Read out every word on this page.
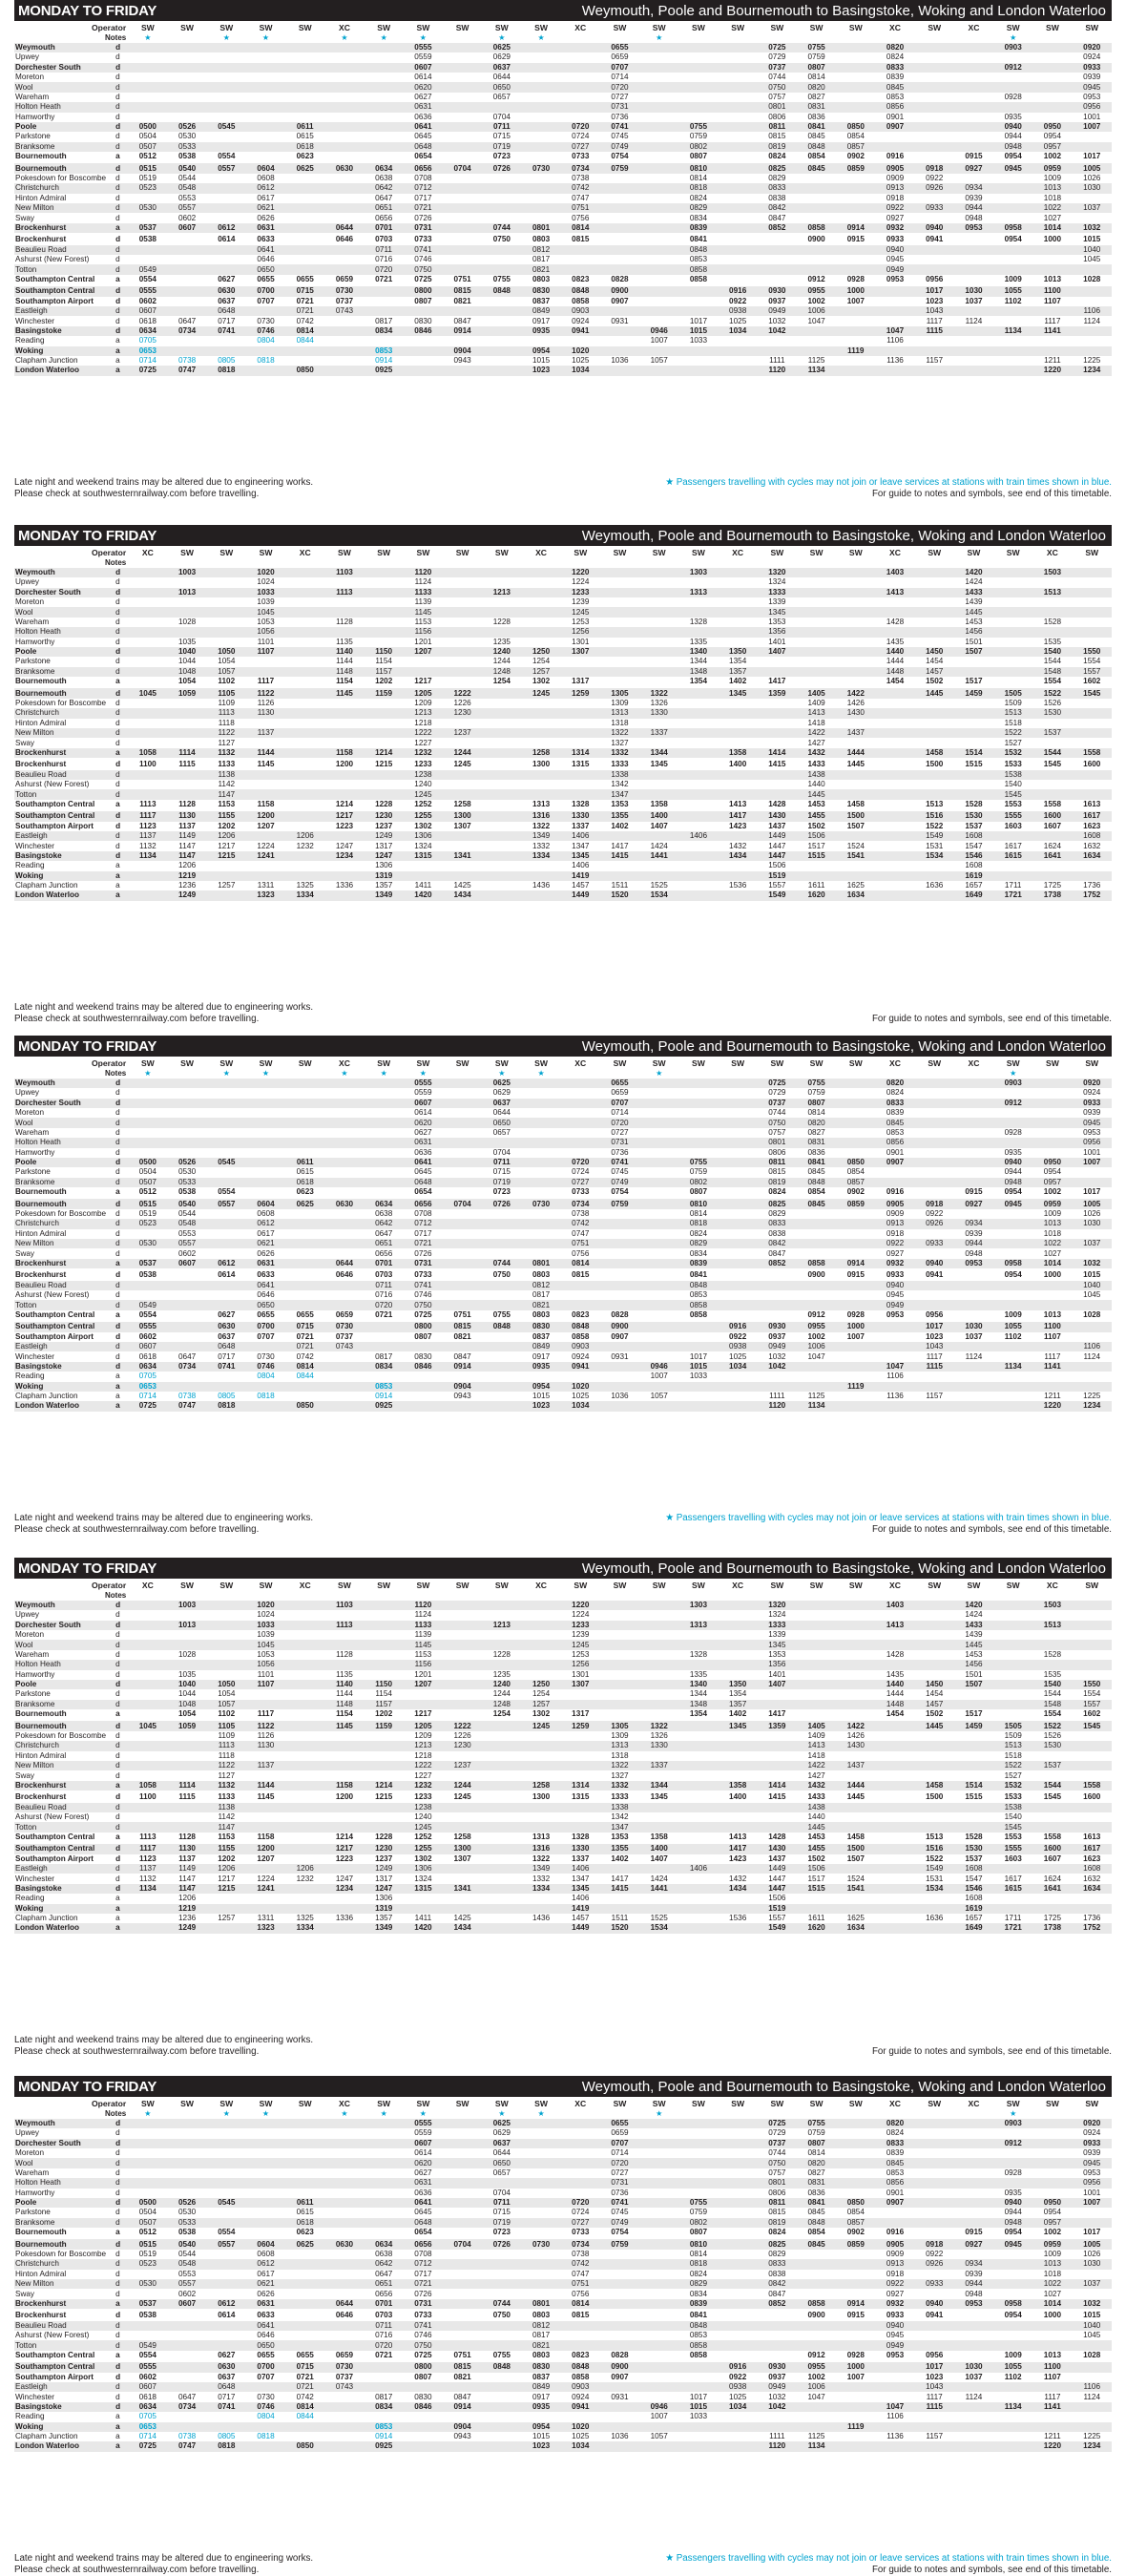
MONDAY TO FRIDAY	Weymouth, Poole and Bournemouth to Basingstoke, Woking and London Waterloo
Operator		SW	SW	SW	SW	SW	XC	SW	SW	SW	SW	SW	XC	SW	SW	SW	SW	SW	SW	SW	XC	SW	XC	SW	SW	SW
Notes		★		★	★		★	★	★		★	★			★									★		
Weymouth	d								0555		0625			0655				0725	0755		0820			0903		0920
Upwey	d								0559		0629			0659				0729	0759		0824					0924
Dorchester South	d								0607		0637			0707				0737	0807		0833			0912		0933
Moreton	d								0614		0644			0714				0744	0814		0839					0939
Wool	d								0620		0650			0720				0750	0820		0845					0945
Wareham	d								0627		0657			0727				0757	0827		0853			0928		0953
Holton Heath	d								0631					0731				0801	0831		0856					0956
Hamworthy	d								0636		0704			0736				0806	0836		0901			0935		1001
Poole	d	0500	0526	0545		0611			0641		0711		0720	0741		0755		0811	0841	0850	0907			0940	0950	1007
Parkstone	d	0504	0530			0615			0645		0715		0724	0745		0759		0815	0845	0854				0944	0954	
Branksome	d	0507	0533			0618			0648		0719		0727	0749		0802		0819	0848	0857				0948	0957	
Bournemouth	a	0512	0538	0554		0623			0654		0723		0733	0754		0807		0824	0854	0902	0916		0915	0954	1002	1017
Bournemouth	d	0515	0540	0557	0604	0625	0630	0634	0656	0704	0726	0730	0734	0759		0810		0825	0845	0859	0905	0918	0927	0945	0959	1005
Pokesdown for Boscombe	d	0519	0544		0608			0638	0708				0738			0814		0829			0909	0922			1009	1026
Christchurch	d	0523	0548		0612			0642	0712				0742			0818		0833			0913	0926	0934		1013	1030
Hinton Admiral	d		0553		0617			0647	0717				0747			0824		0838			0918		0939		1018	
New Milton	d	0530	0557		0621			0651	0721				0751			0829		0842			0922	0933	0944		1022	1037
Sway	d		0602		0626			0656	0726				0756			0834		0847			0927		0948		1027	
Brockenhurst	a	0537	0607	0612	0631		0644	0701	0731		0744	0801	0814			0839		0852	0858	0914	0932	0940	0953	0958	1014	1032
Brockenhurst	d	0538		0614	0633		0646	0703	0733		0750	0803	0815			0841			0900	0915	0933	0941		0954	1000	1015
Beaulieu Road	d				0641			0711	0741			0812				0848					0940					1040
Ashurst (New Forest)	d				0646			0716	0746			0817				0853					0945					1045
Totton	d	0549			0650			0720	0750			0821				0858					0949					
Southampton Central	a	0554		0627	0655	0655	0659	0721	0725	0751	0755	0803	0823	0828		0858			0912	0928	0953	0956		1009	1013	1028
Southampton Central	d	0555		0630	0700	0715	0730		0800	0815	0848	0830	0848	0900			0916	0930	0955	1000		1017	1030	1055	1100	
Southampton Airport	d	0602		0637	0707	0721	0737		0807	0821		0837	0858	0907			0922	0937	1002	1007		1023	1037	1102	1107	
Eastleigh	d	0607		0648		0721	0743					0849	0903				0938	0949	1006			1043				1106
Winchester	d	0618	0647	0717	0730	0742		0817	0830	0847		0917	0924	0931		1017	1025	1032	1047			1117	1124		1117	1124
Basingstoke	d	0634	0734	0741	0746	0814		0834	0846	0914		0935	0941		0946	1015	1034	1042			1047	1115		1134	1141	
Reading	a	0705			0804	0844									1007	1033					1106					
Woking	a	0653						0853		0904		0954	1020							1119						
Clapham Junction	a	0714	0738	0805	0818			0914		0943		1015	1025	1036	1057			1111	1125		1136	1157			1211	1225
London Waterloo	a	0725	0747	0818		0850		0925				1023	1034					1120	1134						1220	1234
Late night and weekend trains may be altered due to engineering works.
Please check at southwesternrailway.com before travelling.
★ Passengers travelling with cycles may not join or leave services at stations with train times shown in blue.
For guide to notes and symbols, see end of this timetable.
MONDAY TO FRIDAY	Weymouth, Poole and Bournemouth to Basingstoke, Woking and London Waterloo
Operator		XC	SW	SW	SW	XC	SW	SW	SW	SW	SW	XC	SW	SW	SW	SW	XC	SW	SW	SW	XC	SW	SW	SW	XC	SW
Notes																										
Weymouth	d		1003		1020		1103		1120				1220			1303		1320			1403		1420		1503	
Upwey	d				1024				1124				1224					1324					1424			
Dorchester South	d		1013		1033		1113		1133		1213		1233			1313		1333			1413		1433		1513	
Moreton	d				1039				1139				1239					1339					1439			
Wool	d				1045				1145				1245					1345					1445			
Wareham	d		1028		1053		1128		1153		1228		1253			1328		1353			1428		1453		1528	
Holton Heath	d				1056				1156				1256					1356					1456			
Hamworthy	d		1035		1101		1135		1201		1235		1301			1335		1401			1435		1501		1535	
Poole	d		1040	1050	1107		1140	1150	1207		1240	1250	1307			1340	1350	1407			1440	1450	1507		1540	1550
Parkstone	d		1044	1054			1144	1154			1244	1254				1344	1354				1444	1454			1544	1554
Branksome	d		1048	1057			1148	1157			1248	1257				1348	1357				1448	1457			1548	1557
Bournemouth	a		1054	1102	1117		1154	1202	1217		1254	1302	1317			1354	1402	1417			1454	1502	1517		1554	1602
Bournemouth	d	1045	1059	1105	1122		1145	1159	1205	1222		1245	1259	1305	1322		1345	1359	1405	1422		1445	1459	1505	1522	1545
Pokesdown for Boscombe	d			1109	1126				1209	1226				1309	1326				1409	1426				1509	1526	
Christchurch	d			1113	1130				1213	1230				1313	1330				1413	1430				1513	1530	
Hinton Admiral	d			1118					1218					1318					1418					1518		
New Milton	d			1122	1137				1222	1237				1322	1337				1422	1437				1522	1537	
Sway	d			1127					1227					1327					1427					1527		
Brockenhurst	a	1058	1114	1132	1144		1158	1214	1232	1244		1258	1314	1332	1344		1358	1414	1432	1444		1458	1514	1532	1544	1558
Brockenhurst	d	1100	1115	1133	1145		1200	1215	1233	1245		1300	1315	1333	1345		1400	1415	1433	1445		1500	1515	1533	1545	1600
Beaulieu Road	d			1138					1238					1338					1438					1538		
Ashurst (New Forest)	d			1142					1240					1342					1440					1540		
Totton	d			1147					1245					1347					1445					1545		
Southampton Central	a	1113	1128	1153	1158		1214	1228	1252	1258		1313	1328	1353	1358		1413	1428	1453	1458		1513	1528	1553	1558	1613
Southampton Central	d	1117	1130	1155	1200		1217	1230	1255	1300		1316	1330	1355	1400		1417	1430	1455	1500		1516	1530	1555	1600	1617
Southampton Airport	d	1123	1137	1202	1207		1223	1237	1302	1307		1322	1337	1402	1407		1423	1437	1502	1507		1522	1537	1603	1607	1623
Eastleigh	d	1137	1149	1206		1206		1249	1306			1349	1406			1406		1449	1506			1549	1608			1608
Winchester	d	1132	1147	1217	1224	1232	1247	1317	1324			1332	1347	1417	1424		1432	1447	1517	1524		1531	1547	1617	1624	1632
Basingstoke	d	1134	1147	1215	1241		1234	1247	1315	1341		1334	1345	1415	1441		1434	1447	1515	1541		1534	1546	1615	1641	1634
Reading	a		1206					1306					1406					1506					1608			
Woking	a		1219					1319					1419					1519					1619			
Clapham Junction	a		1236	1257	1311	1325	1336	1357	1411	1425		1436	1457	1511	1525		1536	1557	1611	1625		1636	1657	1711	1725	1736
London Waterloo	a		1249		1323	1334		1349	1420	1434			1449	1520	1534			1549	1620	1634			1649	1721	1738	1752
Late night and weekend trains may be altered due to engineering works.
Please check at southwesternrailway.com before travelling.	For guide to notes and symbols, see end of this timetable.
MONDAY TO FRIDAY	Weymouth, Poole and Bournemouth to Basingstoke, Woking and London Waterloo
Operator		SW	SW	SW	SW	SW	XC	SW	SW	SW	SW	SW	XC	SW	SW	SW	SW	SW	SW	SW	XC	SW	XC	SW	SW	SW
Notes		★		★	★		★	★	★		★	★			★									★		
Weymouth	d								0555		0625			0655				0725	0755		0820			0903		0920
Upwey	d								0559		0629			0659				0729	0759		0824					0924
Dorchester South	d								0607		0637			0707				0737	0807		0833			0912		0933
Moreton	d								0614		0644			0714				0744	0814		0839					0939
Wool	d								0620		0650			0720				0750	0820		0845					0945
Wareham	d								0627		0657			0727				0757	0827		0853			0928		0953
Holton Heath	d								0631					0731				0801	0831		0856					0956
Hamworthy	d								0636		0704			0736				0806	0836		0901			0935		1001
Poole	d	0500	0526	0545		0611			0641		0711		0720	0741		0755		0811	0841	0850	0907			0940	0950	1007
Parkstone	d	0504	0530			0615			0645		0715		0724	0745		0759		0815	0845	0854				0944	0954	
Branksome	d	0507	0533			0618			0648		0719		0727	0749		0802		0819	0848	0857				0948	0957	
Bournemouth	a	0512	0538	0554		0623			0654		0723		0733	0754		0807		0824	0854	0902	0916		0915	0954	1002	1017
Bournemouth	d	0515	0540	0557	0604	0625	0630	0634	0656	0704	0726	0730	0734	0759		0810		0825	0845	0859	0905	0918	0927	0945	0959	1005
Pokesdown for Boscombe	d	0519	0544		0608			0638	0708				0738			0814		0829			0909	0922			1009	1026
Christchurch	d	0523	0548		0612			0642	0712				0742			0818		0833			0913	0926	0934		1013	1030
Hinton Admiral	d		0553		0617			0647	0717				0747			0824		0838			0918		0939		1018	
New Milton	d	0530	0557		0621			0651	0721				0751			0829		0842			0922	0933	0944		1022	1037
Sway	d		0602		0626			0656	0726				0756			0834		0847			0927		0948		1027	
Brockenhurst	a	0537	0607	0612	0631		0644	0701	0731		0744	0801	0814			0839		0852	0858	0914	0932	0940	0953	0958	1014	1032
Brockenhurst	d	0538		0614	0633		0646	0703	0733		0750	0803	0815			0841			0900	0915	0933	0941		0954	1000	1015
Beaulieu Road	d				0641			0711	0741			0812				0848					0940					1040
Ashurst (New Forest)	d				0646			0716	0746			0817				0853					0945					1045
Totton	d	0549			0650			0720	0750			0821				0858					0949					
Southampton Central	a	0554		0627	0655	0655	0659	0721	0725	0751	0755	0803	0823	0828		0858			0912	0928	0953	0956		1009	1013	1028
Southampton Central	d	0555		0630	0700	0715	0730		0800	0815	0848	0830	0848	0900			0916	0930	0955	1000		1017	1030	1055	1100	
Southampton Airport	d	0602		0637	0707	0721	0737		0807	0821		0837	0858	0907			0922	0937	1002	1007		1023	1037	1102	1107	
Eastleigh	d	0607		0648		0721	0743					0849	0903				0938	0949	1006			1043				1106
Winchester	d	0618	0647	0717	0730	0742		0817	0830	0847		0917	0924	0931		1017	1025	1032	1047			1117	1124		1117	1124
Basingstoke	d	0634	0734	0741	0746	0814		0834	0846	0914		0935	0941		0946	1015	1034	1042			1047	1115		1134	1141	
Reading	a	0705			0804	0844									1007	1033					1106					
Woking	a	0653						0853		0904		0954	1020							1119						
Clapham Junction	a	0714	0738	0805	0818			0914		0943		1015	1025	1036	1057			1111	1125		1136	1157			1211	1225
London Waterloo	a	0725	0747	0818		0850		0925				1023	1034					1120	1134						1220	1234
Late night and weekend trains may be altered due to engineering works.
Please check at southwesternrailway.com before travelling.
★ Passengers travelling with cycles may not join or leave services at stations with train times shown in blue.
For guide to notes and symbols, see end of this timetable.
MONDAY TO FRIDAY	Weymouth, Poole and Bournemouth to Basingstoke, Woking and London Waterloo
Operator		XC	SW	SW	SW	XC	SW	SW	SW	SW	SW	XC	SW	SW	SW	SW	XC	SW	SW	SW	XC	SW	SW	SW	XC	SW
Notes																										
Weymouth	d		1003		1020		1103		1120				1220			1303		1320			1403		1420		1503	
Upwey	d				1024				1124				1224					1324					1424			
Dorchester South	d		1013		1033		1113		1133		1213		1233			1313		1333			1413		1433		1513	
Moreton	d				1039				1139				1239					1339					1439			
Wool	d				1045				1145				1245					1345					1445			
Wareham	d		1028		1053		1128		1153		1228		1253			1328		1353			1428		1453		1528	
Holton Heath	d				1056				1156				1256					1356					1456			
Hamworthy	d		1035		1101		1135		1201		1235		1301			1335		1401			1435		1501		1535	
Poole	d		1040	1050	1107		1140	1150	1207		1240	1250	1307			1340	1350	1407			1440	1450	1507		1540	1550
Parkstone	d		1044	1054			1144	1154			1244	1254				1344	1354				1444	1454			1544	1554
Branksome	d		1048	1057			1148	1157			1248	1257				1348	1357				1448	1457			1548	1557
Bournemouth	a		1054	1102	1117		1154	1202	1217		1254	1302	1317			1354	1402	1417			1454	1502	1517		1554	1602
Bournemouth	d	1045	1059	1105	1122		1145	1159	1205	1222		1245	1259	1305	1322		1345	1359	1405	1422		1445	1459	1505	1522	1545
Pokesdown for Boscombe	d			1109	1126				1209	1226				1309	1326				1409	1426				1509	1526	
Christchurch	d			1113	1130				1213	1230				1313	1330				1413	1430				1513	1530	
Hinton Admiral	d			1118					1218					1318					1418					1518		
New Milton	d			1122	1137				1222	1237				1322	1337				1422	1437				1522	1537	
Sway	d			1127					1227					1327					1427					1527		
Brockenhurst	a	1058	1114	1132	1144		1158	1214	1232	1244		1258	1314	1332	1344		1358	1414	1432	1444		1458	1514	1532	1544	1558
Brockenhurst	d	1100	1115	1133	1145		1200	1215	1233	1245		1300	1315	1333	1345		1400	1415	1433	1445		1500	1515	1533	1545	1600
Beaulieu Road	d			1138					1238					1338					1438					1538		
Ashurst (New Forest)	d			1142					1240					1342					1440					1540		
Totton	d			1147					1245					1347					1445					1545		
Southampton Central	a	1113	1128	1153	1158		1214	1228	1252	1258		1313	1328	1353	1358		1413	1428	1453	1458		1513	1528	1553	1558	1613
Southampton Central	d	1117	1130	1155	1200		1217	1230	1255	1300		1316	1330	1355	1400		1417	1430	1455	1500		1516	1530	1555	1600	1617
Southampton Airport	d	1123	1137	1202	1207		1223	1237	1302	1307		1322	1337	1402	1407		1423	1437	1502	1507		1522	1537	1603	1607	1623
Eastleigh	d	1137	1149	1206		1206		1249	1306			1349	1406			1406		1449	1506			1549	1608			1608
Winchester	d	1132	1147	1217	1224	1232	1247	1317	1324			1332	1347	1417	1424		1432	1447	1517	1524		1531	1547	1617	1624	1632
Basingstoke	d	1134	1147	1215	1241		1234	1247	1315	1341		1334	1345	1415	1441		1434	1447	1515	1541		1534	1546	1615	1641	1634
Reading	a		1206					1306					1406					1506					1608			
Woking	a		1219					1319					1419					1519					1619			
Clapham Junction	a		1236	1257	1311	1325	1336	1357	1411	1425		1436	1457	1511	1525		1536	1557	1611	1625		1636	1657	1711	1725	1736
London Waterloo	a		1249		1323	1334		1349	1420	1434			1449	1520	1534			1549	1620	1634			1649	1721	1738	1752
Late night and weekend trains may be altered due to engineering works.
Please check at southwesternrailway.com before travelling.	For guide to notes and symbols, see end of this timetable.
MONDAY TO FRIDAY	Weymouth, Poole and Bournemouth to Basingstoke, Woking and London Waterloo
Operator		SW	SW	SW	SW	SW	XC	SW	SW	SW	SW	SW	XC	SW	SW	SW	SW	SW	SW	SW	XC	SW	XC	SW	SW	SW
Notes		★		★	★		★	★	★		★	★			★									★		
Weymouth	d								0555		0625			0655				0725	0755		0820			0903		0920
Upwey	d								0559		0629			0659				0729	0759		0824					0924
Dorchester South	d								0607		0637			0707				0737	0807		0833			0912		0933
Moreton	d								0614		0644			0714				0744	0814		0839					0939
Wool	d								0620		0650			0720				0750	0820		0845					0945
Wareham	d								0627		0657			0727				0757	0827		0853			0928		0953
Holton Heath	d								0631					0731				0801	0831		0856					0956
Hamworthy	d								0636		0704			0736				0806	0836		0901			0935		1001
Poole	d	0500	0526	0545		0611			0641		0711		0720	0741		0755		0811	0841	0850	0907			0940	0950	1007
Parkstone	d	0504	0530			0615			0645		0715		0724	0745		0759		0815	0845	0854				0944	0954	
Branksome	d	0507	0533			0618			0648		0719		0727	0749		0802		0819	0848	0857				0948	0957	
Bournemouth	a	0512	0538	0554		0623			0654		0723		0733	0754		0807		0824	0854	0902	0916		0915	0954	1002	1017
Bournemouth	d	0515	0540	0557	0604	0625	0630	0634	0656	0704	0726	0730	0734	0759		0810		0825	0845	0859	0905	0918	0927	0945	0959	1005
Pokesdown for Boscombe	d	0519	0544		0608			0638	0708				0738			0814		0829			0909	0922			1009	1026
Christchurch	d	0523	0548		0612			0642	0712				0742			0818		0833			0913	0926	0934		1013	1030
Hinton Admiral	d		0553		0617			0647	0717				0747			0824		0838			0918		0939		1018	
New Milton	d	0530	0557		0621			0651	0721				0751			0829		0842			0922	0933	0944		1022	1037
Sway	d		0602		0626			0656	0726				0756			0834		0847			0927		0948		1027	
Brockenhurst	a	0537	0607	0612	0631		0644	0701	0731		0744	0801	0814			0839		0852	0858	0914	0932	0940	0953	0958	1014	1032
Brockenhurst	d	0538		0614	0633		0646	0703	0733		0750	0803	0815			0841			0900	0915	0933	0941		0954	1000	1015
Beaulieu Road	d				0641			0711	0741			0812				0848					0940					1040
Ashurst (New Forest)	d				0646			0716	0746			0817				0853					0945					1045
Totton	d	0549			0650			0720	0750			0821				0858					0949					
Southampton Central	a	0554		0627	0655	0655	0659	0721	0725	0751	0755	0803	0823	0828		0858			0912	0928	0953	0956		1009	1013	1028
Southampton Central	d	0555		0630	0700	0715	0730		0800	0815	0848	0830	0848	0900			0916	0930	0955	1000		1017	1030	1055	1100	
Southampton Airport	d	0602		0637	0707	0721	0737		0807	0821		0837	0858	0907			0922	0937	1002	1007		1023	1037	1102	1107	
Eastleigh	d	0607		0648		0721	0743					0849	0903				0938	0949	1006			1043				1106
Winchester	d	0618	0647	0717	0730	0742		0817	0830	0847		0917	0924	0931		1017	1025	1032	1047			1117	1124		1117	1124
Basingstoke	d	0634	0734	0741	0746	0814		0834	0846	0914		0935	0941		0946	1015	1034	1042			1047	1115		1134	1141	
Reading	a	0705			0804	0844									1007	1033					1106					
Woking	a	0653						0853		0904		0954	1020							1119						
Clapham Junction	a	0714	0738	0805	0818			0914		0943		1015	1025	1036	1057			1111	1125		1136	1157			1211	1225
London Waterloo	a	0725	0747	0818		0850		0925				1023	1034					1120	1134						1220	1234
Late night and weekend trains may be altered due to engineering works.
Please check at southwesternrailway.com before travelling.
★ Passengers travelling with cycles may not join or leave services at stations with train times shown in blue.
For guide to notes and symbols, see end of this timetable.
